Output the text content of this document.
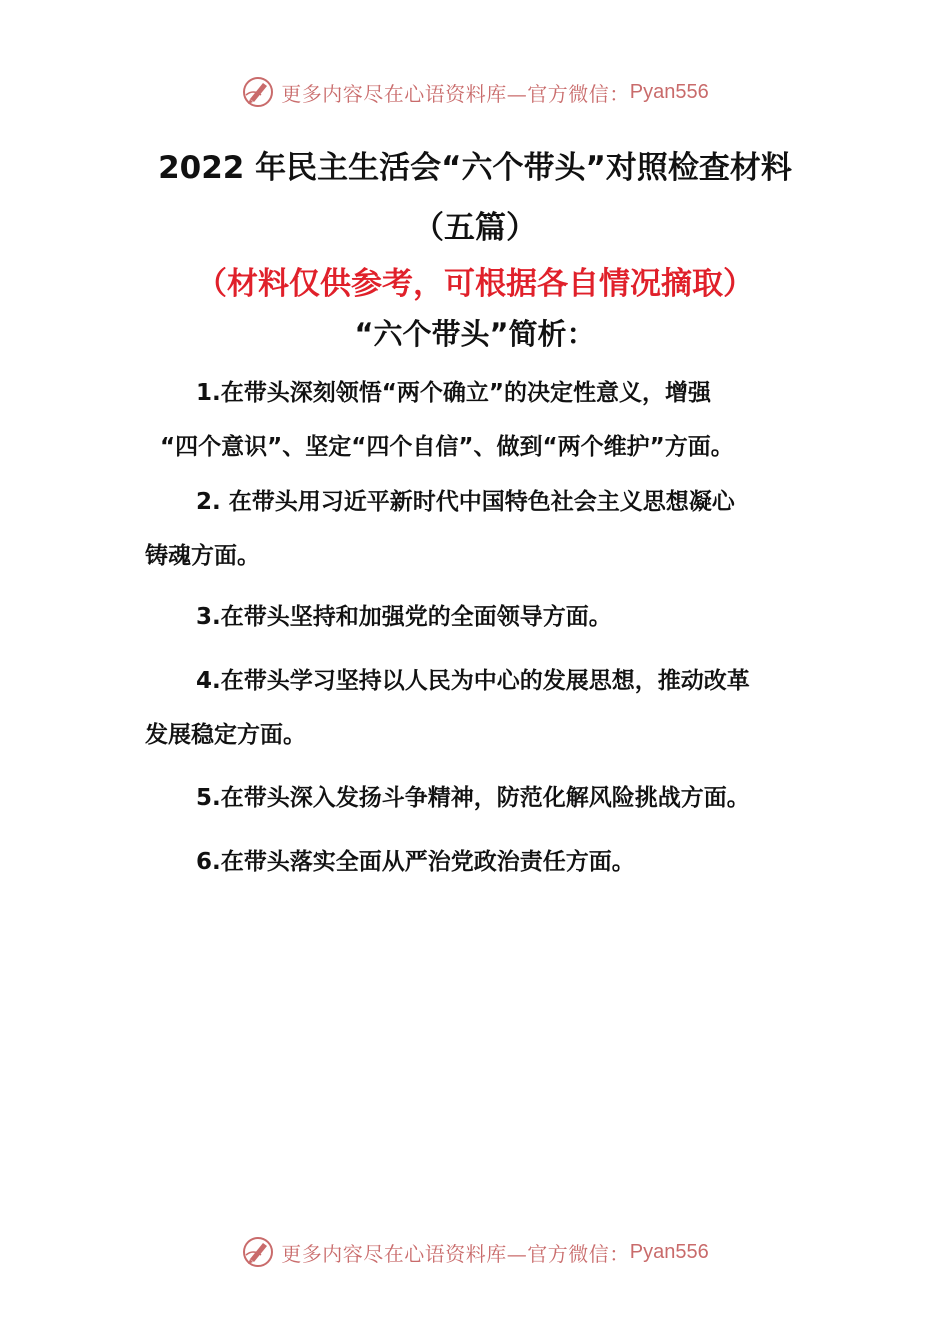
更多内容尽在心语资料库—官方微信： Pyan556
2022 年民主生活会“六个带头”对照检查材料
（五篇）
（材料仅供参考，可根据各自情况摘取）
“六个带头”简析：
1.在带头深刻领悟“两个确立”的决定性意义，增强
“四个意识”、坚定“四个自信”、做到“两个维护”方面。
2. 在带头用习近平新时代中国特色社会主义思想凝心
铸魂方面。
3.在带头坚持和加强党的全面领导方面。
4.在带头学习坚持以人民为中心的发展思想，推动改革
发展稳定方面。
5.在带头深入发扬斗争精神，防范化解风险挑战方面。
6.在带头落实全面从严治党政治责任方面。
更多内容尽在心语资料库—官方微信： Pyan556
